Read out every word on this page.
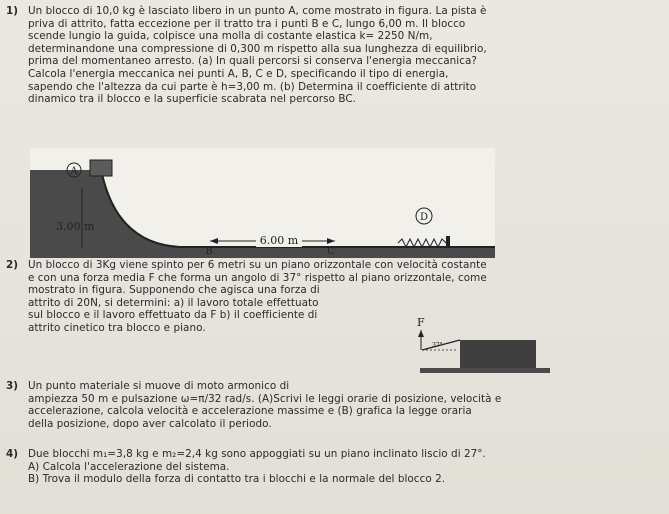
1) Un blocco di 10,0 kg è lasciato libero in un punto A, come mostrato in figura. La pista è
priva di attrito, fatta eccezione per il tratto tra i punti B e C, lungo 6,00 m. Il blocco
scende lungio la guida, colpisce una molla di costante elastica k= 2250 N/m,
determinandone una compressione di 0,300 m rispetto alla sua lunghezza di equilibrio,
prima del momentaneo arresto. (a) In quali percorsi si conserva l'energia meccanica?
Calcola l'energia meccanica nei punti A, B, C e D, specificando il tipo di energia,
sapendo che l'altezza da cui parte è h=3,00 m. (b) Determina il coefficiente di attrito
dinamico tra il blocco e la superficie scabrata nel percorso BC.
A
3.00 m
6.00 m
B	C
D
2) Un blocco di 3Kg viene spinto per 6 metri su un piano orizzontale con velocità costante
e con una forza media F che forma un angolo di 37° rispetto al piano orizzontale, come
mostrato in figura. Supponendo che agisca una forza di
attrito di 20N, si determini: a) il lavoro totale effettuato
sul blocco e il lavoro effettuato da F b) il coefficiente di
attrito cinetico tra blocco e piano.	F
37°
3) Un punto materiale si muove di moto armonico di
ampiezza 50 m e pulsazione ω=π/32 rad/s. (A)Scrivi le leggi orarie di posizione, velocità e
accelerazione, calcola velocità e accelerazione massime e (B) grafica la legge oraria
della posizione, dopo aver calcolato il periodo.
4) Due blocchi m₁=3,8 kg e m₂=2,4 kg sono appoggiati su un piano inclinato liscio di 27°.
A) Calcola l'accelerazione del sistema.
B) Trova il modulo della forza di contatto tra i blocchi e la normale del blocco 2.
